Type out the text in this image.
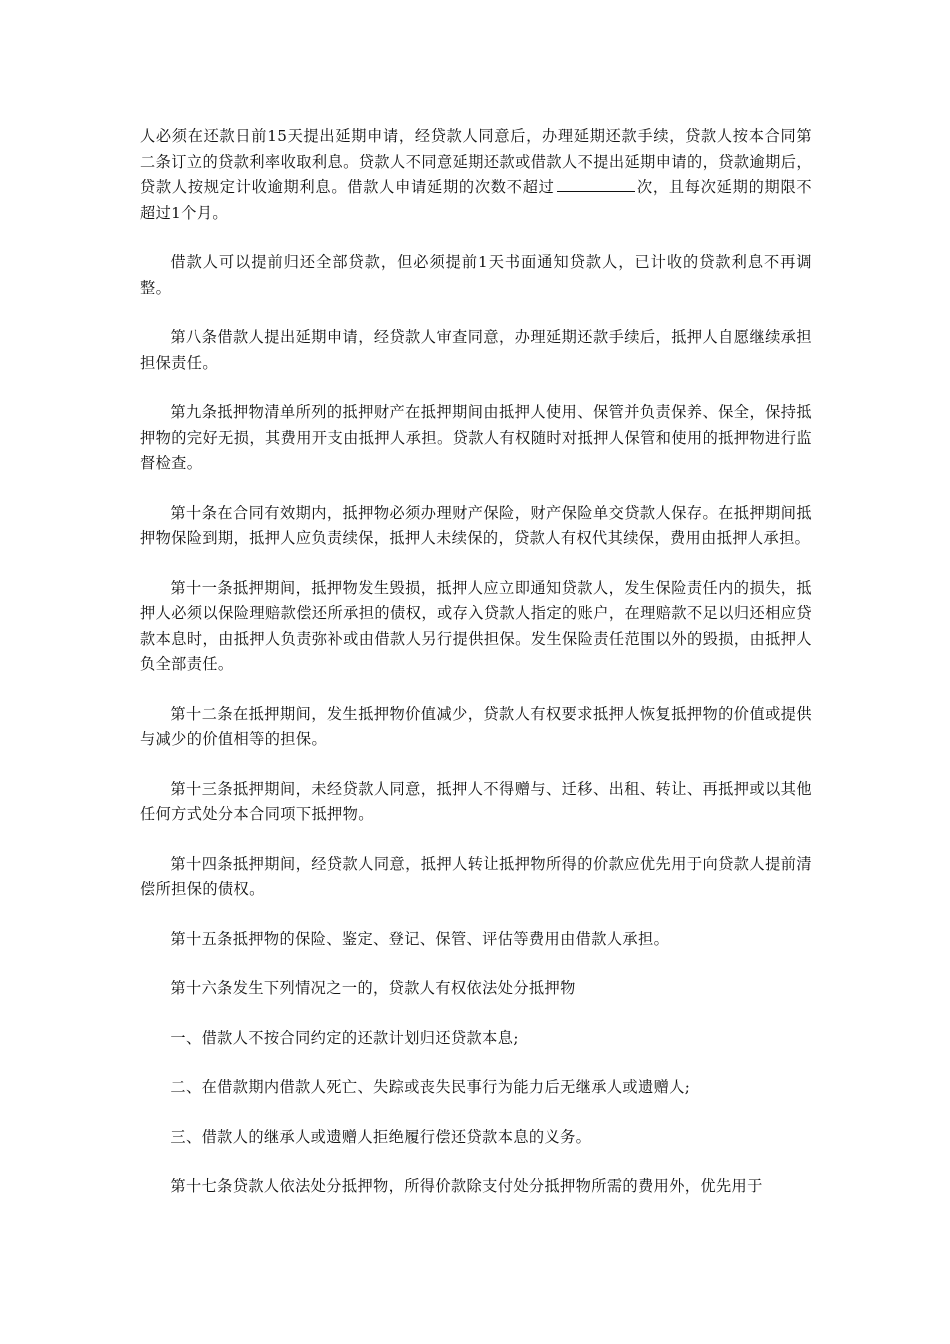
人必须在还款日前15天提出延期申请，经贷款人同意后，办理延期还款手续，贷款人按本合同第二条订立的贷款利率收取利息。贷款人不同意延期还款或借款人不提出延期申请的，贷款逾期后，贷款人按规定计收逾期利息。借款人申请延期的次数不超过	次，且每次延期的期限不超过1个月。

借款人可以提前归还全部贷款，但必须提前1天书面通知贷款人，已计收的贷款利息不再调整。

第八条借款人提出延期申请，经贷款人审查同意，办理延期还款手续后，抵押人自愿继续承担担保责任。

第九条抵押物清单所列的抵押财产在抵押期间由抵押人使用、保管并负责保养、保全，保持抵押物的完好无损，其费用开支由抵押人承担。贷款人有权随时对抵押人保管和使用的抵押物进行监督检查。

第十条在合同有效期内，抵押物必须办理财产保险，财产保险单交贷款人保存。在抵押期间抵押物保险到期，抵押人应负责续保，抵押人未续保的，贷款人有权代其续保，费用由抵押人承担。

第十一条抵押期间，抵押物发生毁损，抵押人应立即通知贷款人，发生保险责任内的损失，抵押人必须以保险理赔款偿还所承担的债权，或存入贷款人指定的账户，在理赔款不足以归还相应贷款本息时，由抵押人负责弥补或由借款人另行提供担保。发生保险责任范围以外的毁损，由抵押人负全部责任。

第十二条在抵押期间，发生抵押物价值减少，贷款人有权要求抵押人恢复抵押物的价值或提供与减少的价值相等的担保。

第十三条抵押期间，未经贷款人同意，抵押人不得赠与、迁移、出租、转让、再抵押或以其他任何方式处分本合同项下抵押物。

第十四条抵押期间，经贷款人同意，抵押人转让抵押物所得的价款应优先用于向贷款人提前清偿所担保的债权。

第十五条抵押物的保险、鉴定、登记、保管、评估等费用由借款人承担。

第十六条发生下列情况之一的，贷款人有权依法处分抵押物

一、借款人不按合同约定的还款计划归还贷款本息;

二、在借款期内借款人死亡、失踪或丧失民事行为能力后无继承人或遗赠人;

三、借款人的继承人或遗赠人拒绝履行偿还贷款本息的义务。

第十七条贷款人依法处分抵押物，所得价款除支付处分抵押物所需的费用外，优先用于
